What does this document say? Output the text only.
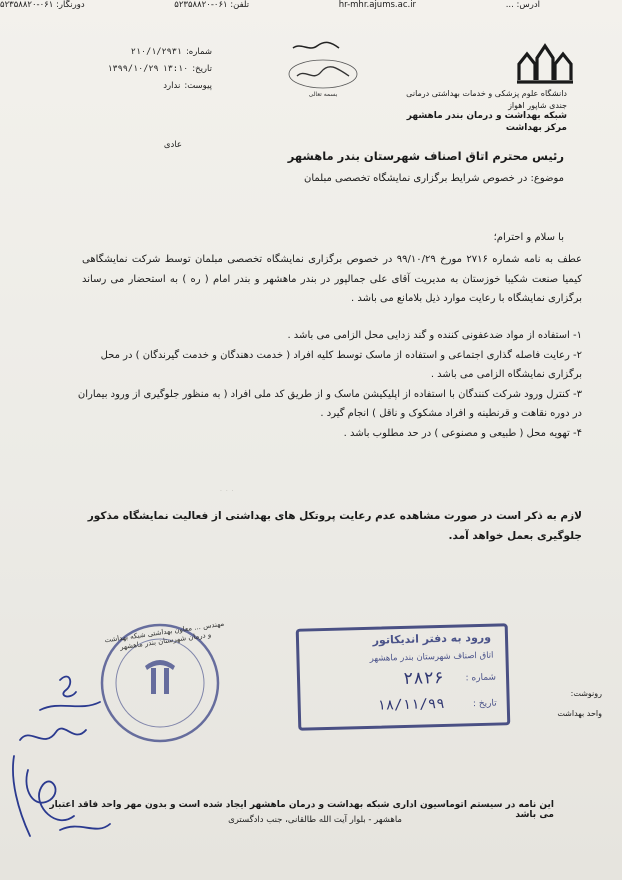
دانشگاه علوم پزشکی و خدمات بهداشتی درمانی
جندی شاپور اهواز
شبکه بهداشت و درمان بندر ماهشهر
مرکز بهداشت
بسمه تعالی
شماره:
۲۱۰/۱/۲۹۳۱
تاریخ:
۱۳:۱۰
۱۳۹۹/۱۰/۲۹
پیوست:
ندارد
عادی
رئیس محترم اتاق اصناف شهرستان بندر ماهشهر
موضوع: در خصوص شرایط برگزاری نمایشگاه تخصصی مبلمان
با سلام و احترام؛
عطف به نامه شماره ۲۷۱۶ مورخ ۹۹/۱۰/۲۹ در خصوص برگزاری نمایشگاه تخصصی مبلمان توسط شرکت نمایشگاهی کیمیا صنعت شکیبا خوزستان به مدیریت آقای علی جمالپور در بندر ماهشهر و بندر امام ( ره ) به استحضار می رساند برگزاری نمایشگاه با رعایت موارد ذیل بلامانع می باشد .
۱- استفاده از مواد ضدعفونی کننده و گند زدایی محل الزامی می باشد .
۲- رعایت فاصله گذاری اجتماعی و استفاده از ماسک توسط کلیه افراد ( خدمت دهندگان و خدمت گیرندگان ) در محل برگزاری نمایشگاه الزامی می باشد .
۳- کنترل ورود شرکت کنندگان با استفاده از اپلیکیشن ماسک و از طریق کد ملی افراد ( به منظور جلوگیری از ورود بیماران در دوره نقاهت و قرنطینه و افراد مشکوک و ناقل ) انجام گیرد .
۴- تهویه محل ( طبیعی و مصنوعی ) در حد مطلوب باشد .
لازم به ذکر است در صورت مشاهده عدم رعایت پروتکل های بهداشتی از فعالیت نمایشگاه مذکور جلوگیری بعمل خواهد آمد.
مهندس ... معاون بهداشتی شبکه بهداشت و درمان شهرستان بندر ماهشهر	ورود به دفتر اندیکاتور
اتاق اصناف شهرستان بندر ماهشهر
شماره :
۲۸۲۶
تاریخ :
۱۸/۱۱/۹۹
رونوشت:
واحد بهداشت
این نامه در سیستم اتوماسیون اداری شبکه بهداشت و درمان ماهشهر ایجاد شده است و بدون مهر واحد فاقد اعتبار می باشد
ماهشهر - بلوار آیت الله طالقانی، جنب دادگستری
آدرس: ...
hr-mhr.ajums.ac.ir
تلفن: ۰۶۱-۵۲۳۵۸۸۲۰
دورنگار: ۰۶۱-۵۲۳۵۸۸۲۰
· · ·
